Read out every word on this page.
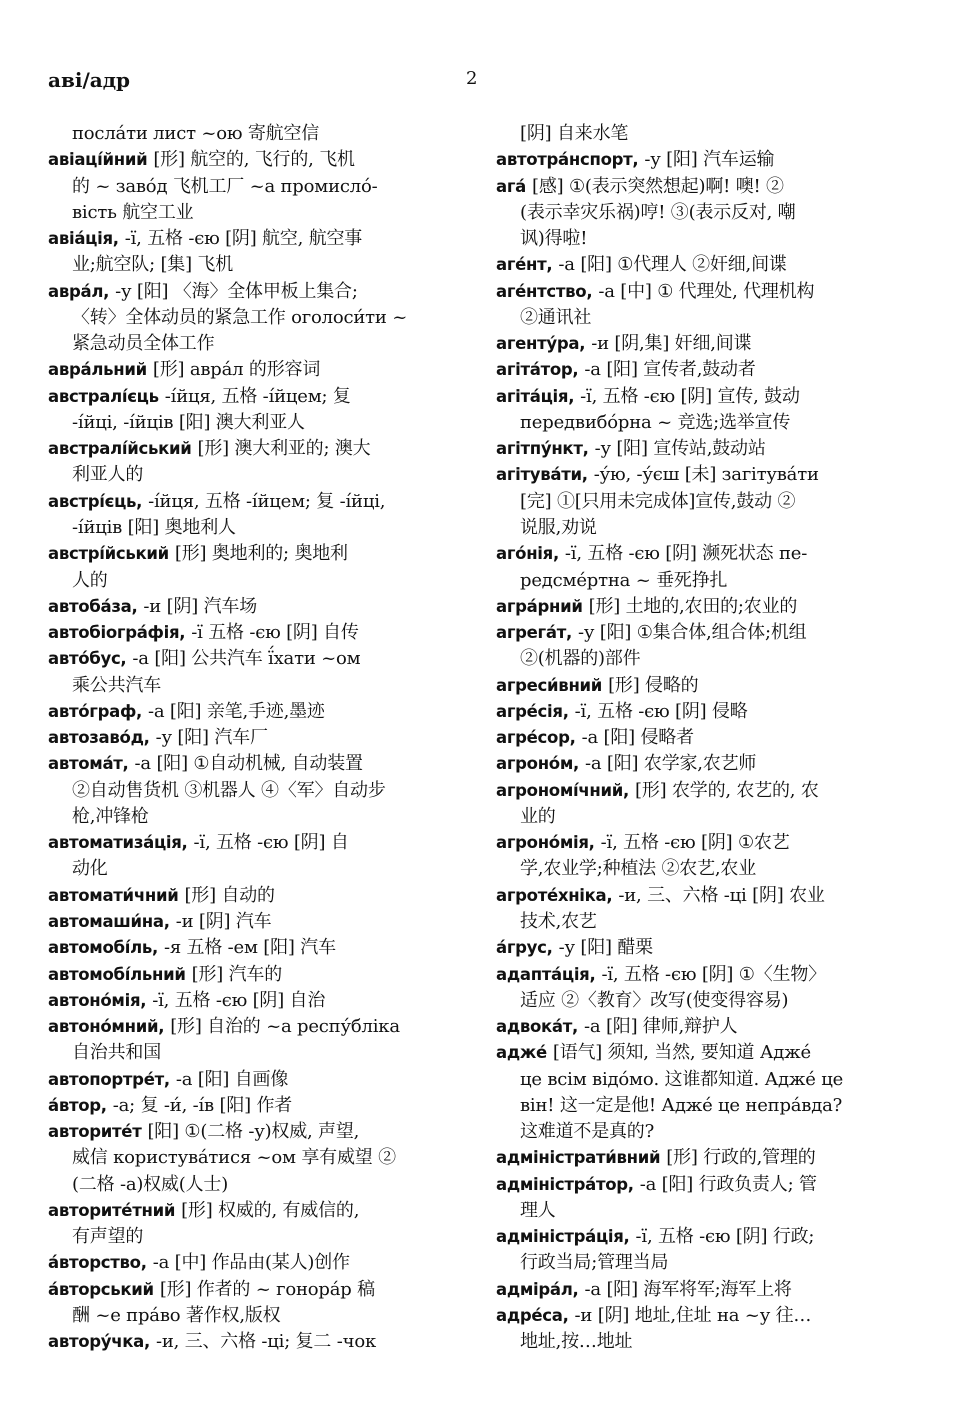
аві/адр	2
посла́ти лист ~ою 寄航空信
авіаці́йний [形] 航空的, 飞行的, 飞机
的 ~ заво́д 飞机工厂 ~а промисло́-
вість 航空工业
авіа́ція, -ї, 五格 -єю [阴] 航空, 航空事
业;航空队; [集] 飞机
авра́л, -у [阳] 〈海〉全体甲板上集合;
〈转〉全体动员的紧急工作 оголоси́ти ~
紧急动员全体工作
авра́льний [形] авра́л 的形容词
австралі́єць -і́йця, 五格 -і́йцем; 复
-і́йці, -і́йців [阳] 澳大利亚人
австралі́йський [形] 澳大利亚的; 澳大
利亚人的
австрі́єць, -і́йця, 五格 -і́йцем; 复 -і́йці,
-і́йців [阳] 奥地利人
австрі́йський [形] 奥地利的; 奥地利
人的
автоба́за, -и [阴] 汽车场
автобіогра́фія, -ї 五格 -єю [阴] 自传
авто́бус, -а [阳] 公共汽车 ї́хати ~ом
乘公共汽车
авто́граф, -а [阳] 亲笔,手迹,墨迹
автозаво́д, -у [阳] 汽车厂
автома́т, -а [阳] ①自动机械, 自动装置
②自动售货机 ③机器人 ④〈军〉自动步
枪,冲锋枪
автоматиза́ція, -ї, 五格 -єю [阴] 自
动化
автомати́чний [形] 自动的
автомаши́на, -и [阴] 汽车
автомобі́ль, -я 五格 -ем [阳] 汽车
автомобі́льний [形] 汽车的
автоно́мія, -ї, 五格 -єю [阴] 自治
автоно́мний, [形] 自治的 ~а респу́бліка
自治共和国
автопортре́т, -а [阳] 自画像
а́втор, -а; 复 -и́, -і́в [阳] 作者
авторите́т [阳] ①(二格 -у)权威, 声望,
威信 користува́тися ~ом 享有威望 ②
(二格 -а)权威(人士)
авторите́тний [形] 权威的, 有威信的,
有声望的
а́вторство, -а [中] 作品由(某人)创作
а́вторський [形] 作者的 ~ гонора́р 稿
酬 ~е пра́во 著作权,版权
автору́чка, -и, 三、六格 -ці; 复二 -чок
[阴] 自来水笔
автотра́нспорт, -у [阳] 汽车运输
ага́ [感] ①(表示突然想起)啊! 噢! ②
(表示幸灾乐祸)哼! ③(表示反对, 嘲
讽)得啦!
аге́нт, -а [阳] ①代理人 ②奸细,间谍
аге́нтство, -а [中] ① 代理处, 代理机构
②通讯社
агенту́ра, -и [阴,集] 奸细,间谍
агіта́тор, -а [阳] 宣传者,鼓动者
агіта́ція, -ї, 五格 -єю [阴] 宣传, 鼓动
передвибо́рна ~ 竞选;选举宣传
агітпу́нкт, -у [阳] 宣传站,鼓动站
агітува́ти, -у́ю, -у́єш [未] загітува́ти
[完] ①[只用未完成体]宣传,鼓动 ②
说服,劝说
аго́нія, -ї, 五格 -єю [阴] 濒死状态 пе-
редсме́ртна ~ 垂死挣扎
агра́рний [形] 土地的,农田的;农业的
агрега́т, -у [阳] ①集合体,组合体;机组
②(机器的)部件
агреси́вний [形] 侵略的
агре́сія, -ї, 五格 -єю [阴] 侵略
агре́сор, -а [阳] 侵略者
агроно́м, -а [阳] 农学家,农艺师
агрономі́чний, [形] 农学的, 农艺的, 农
业的
агроно́мія, -ї, 五格 -єю [阴] ①农艺
学,农业学;种植法 ②农艺,农业
агроте́хніка, -и, 三、六格 -ці [阴] 农业
技术,农艺
а́грус, -у [阳] 醋栗
адапта́ція, -ї, 五格 -єю [阴] ①〈生物〉
适应 ②〈教育〉改写(使变得容易)
адвока́т, -а [阳] 律师,辩护人
адже́ [语气] 须知, 当然, 要知道 Адже́
це всім відо́мо. 这谁都知道. Адже́ це
він! 这一定是他! Адже́ це непра́вда?
这难道不是真的?
адміністрати́вний [形] 行政的,管理的
адміністра́тор, -а [阳] 行政负责人; 管
理人
адміністра́ція, -ї, 五格 -єю [阴] 行政;
行政当局;管理当局
адміра́л, -а [阳] 海军将军;海军上将
адре́са, -и [阴] 地址,住址 на ~у 往…
地址,按…地址
